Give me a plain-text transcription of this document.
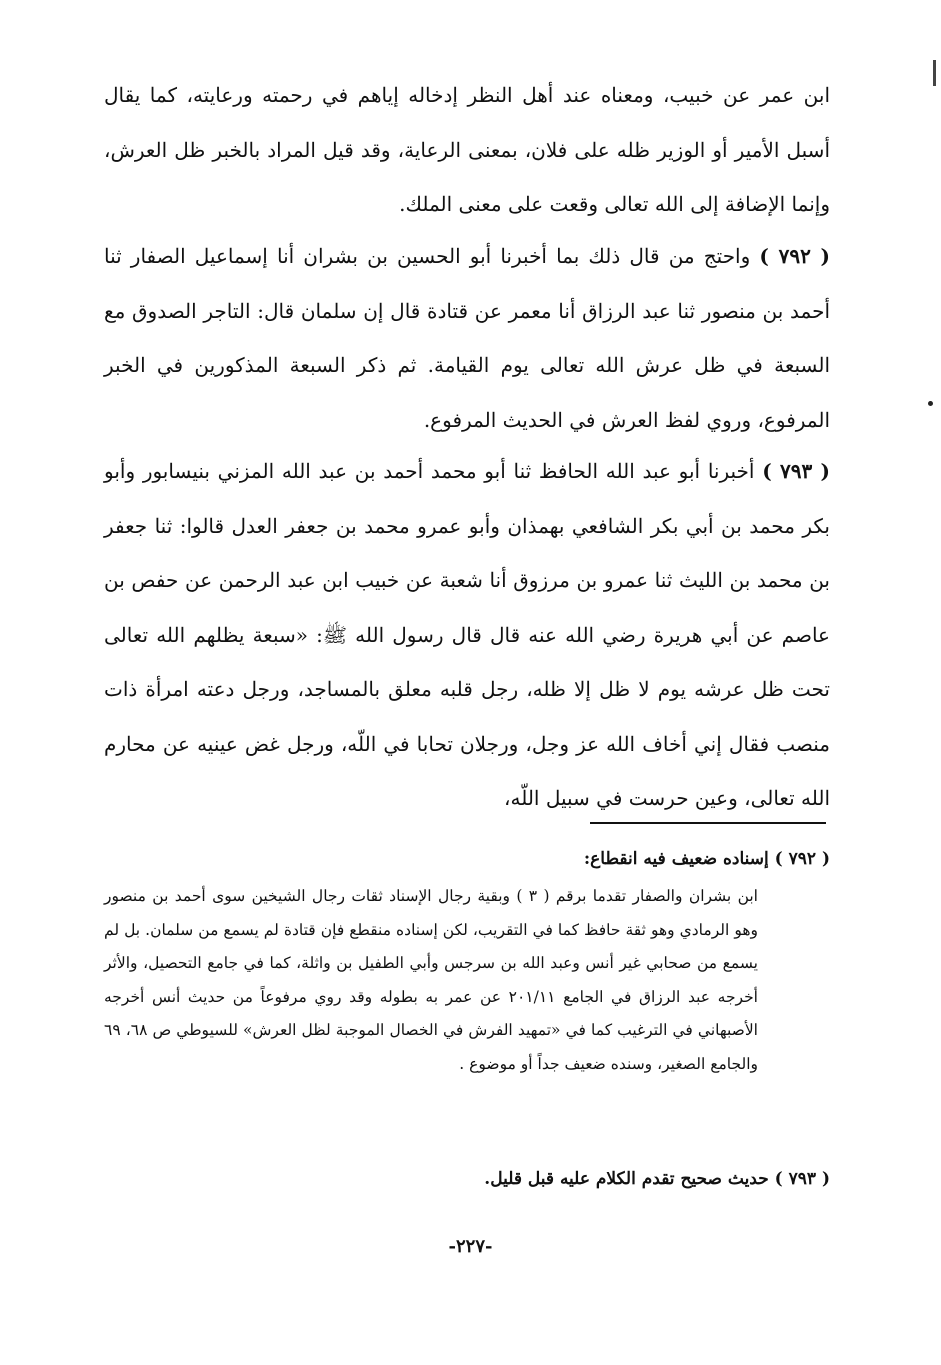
ابن عمر عن خبيب، ومعناه عند أهل النظر إدخاله إياهم في رحمته ورعايته، كما يقال أسبل الأمير أو الوزير ظله على فلان، بمعنى الرعاية، وقد قيل المراد بالخبر ظل العرش، وإنما الإضافة إلى الله تعالى وقعت على معنى الملك.

( ٧٩٢ ) واحتج من قال ذلك بما أخبرنا أبو الحسين بن بشران أنا إسماعيل الصفار ثنا أحمد بن منصور ثنا عبد الرزاق أنا معمر عن قتادة قال إن سلمان قال: التاجر الصدوق مع السبعة في ظل عرش الله تعالى يوم القيامة. ثم ذكر السبعة المذكورين في الخبر المرفوع، وروي لفظ العرش في الحديث المرفوع.

( ٧٩٣ ) أخبرنا أبو عبد الله الحافظ ثنا أبو محمد أحمد بن عبد الله المزني بنيسابور وأبو بكر محمد بن أبي بكر الشافعي بهمذان وأبو عمرو محمد بن جعفر العدل قالوا: ثنا جعفر بن محمد بن الليث ثنا عمرو بن مرزوق أنا شعبة عن خبيب ابن عبد الرحمن عن حفص بن عاصم عن أبي هريرة رضي الله عنه قال قال رسول الله ﷺ: «سبعة يظلهم الله تعالى تحت ظل عرشه يوم لا ظل إلا ظله، رجل قلبه معلق بالمساجد، ورجل دعته امرأة ذات منصب فقال إني أخاف الله عز وجل، ورجلان تحابا في اللّه، ورجل غض عينيه عن محارم الله تعالى، وعين حرست في سبيل اللّه،

( ٧٩٢ ) إسناده ضعيف فيه انقطاع:

ابن بشران والصفار تقدما برقم ( ٣ ) وبقية رجال الإسناد ثقات رجال الشيخين سوى أحمد بن منصور وهو الرمادي وهو ثقة حافظ كما في التقريب، لكن إسناده منقطع فإن قتادة لم يسمع من سلمان. بل لم يسمع من صحابي غير أنس وعبد الله بن سرجس وأبي الطفيل بن واثلة، كما في جامع التحصيل، والأثر أخرجه عبد الرزاق في الجامع ٢٠١/١١ عن عمر به بطوله وقد روي مرفوعاً من حديث أنس أخرجه الأصبهاني في الترغيب كما في «تمهيد الفرش في الخصال الموجبة لظل العرش» للسيوطي ص ٦٨، ٦٩ والجامع الصغير، وسنده ضعيف جداً أو موضوع .

( ٧٩٣ ) حديث صحيح تقدم الكلام عليه قبل قليل.

-٢٢٧-
